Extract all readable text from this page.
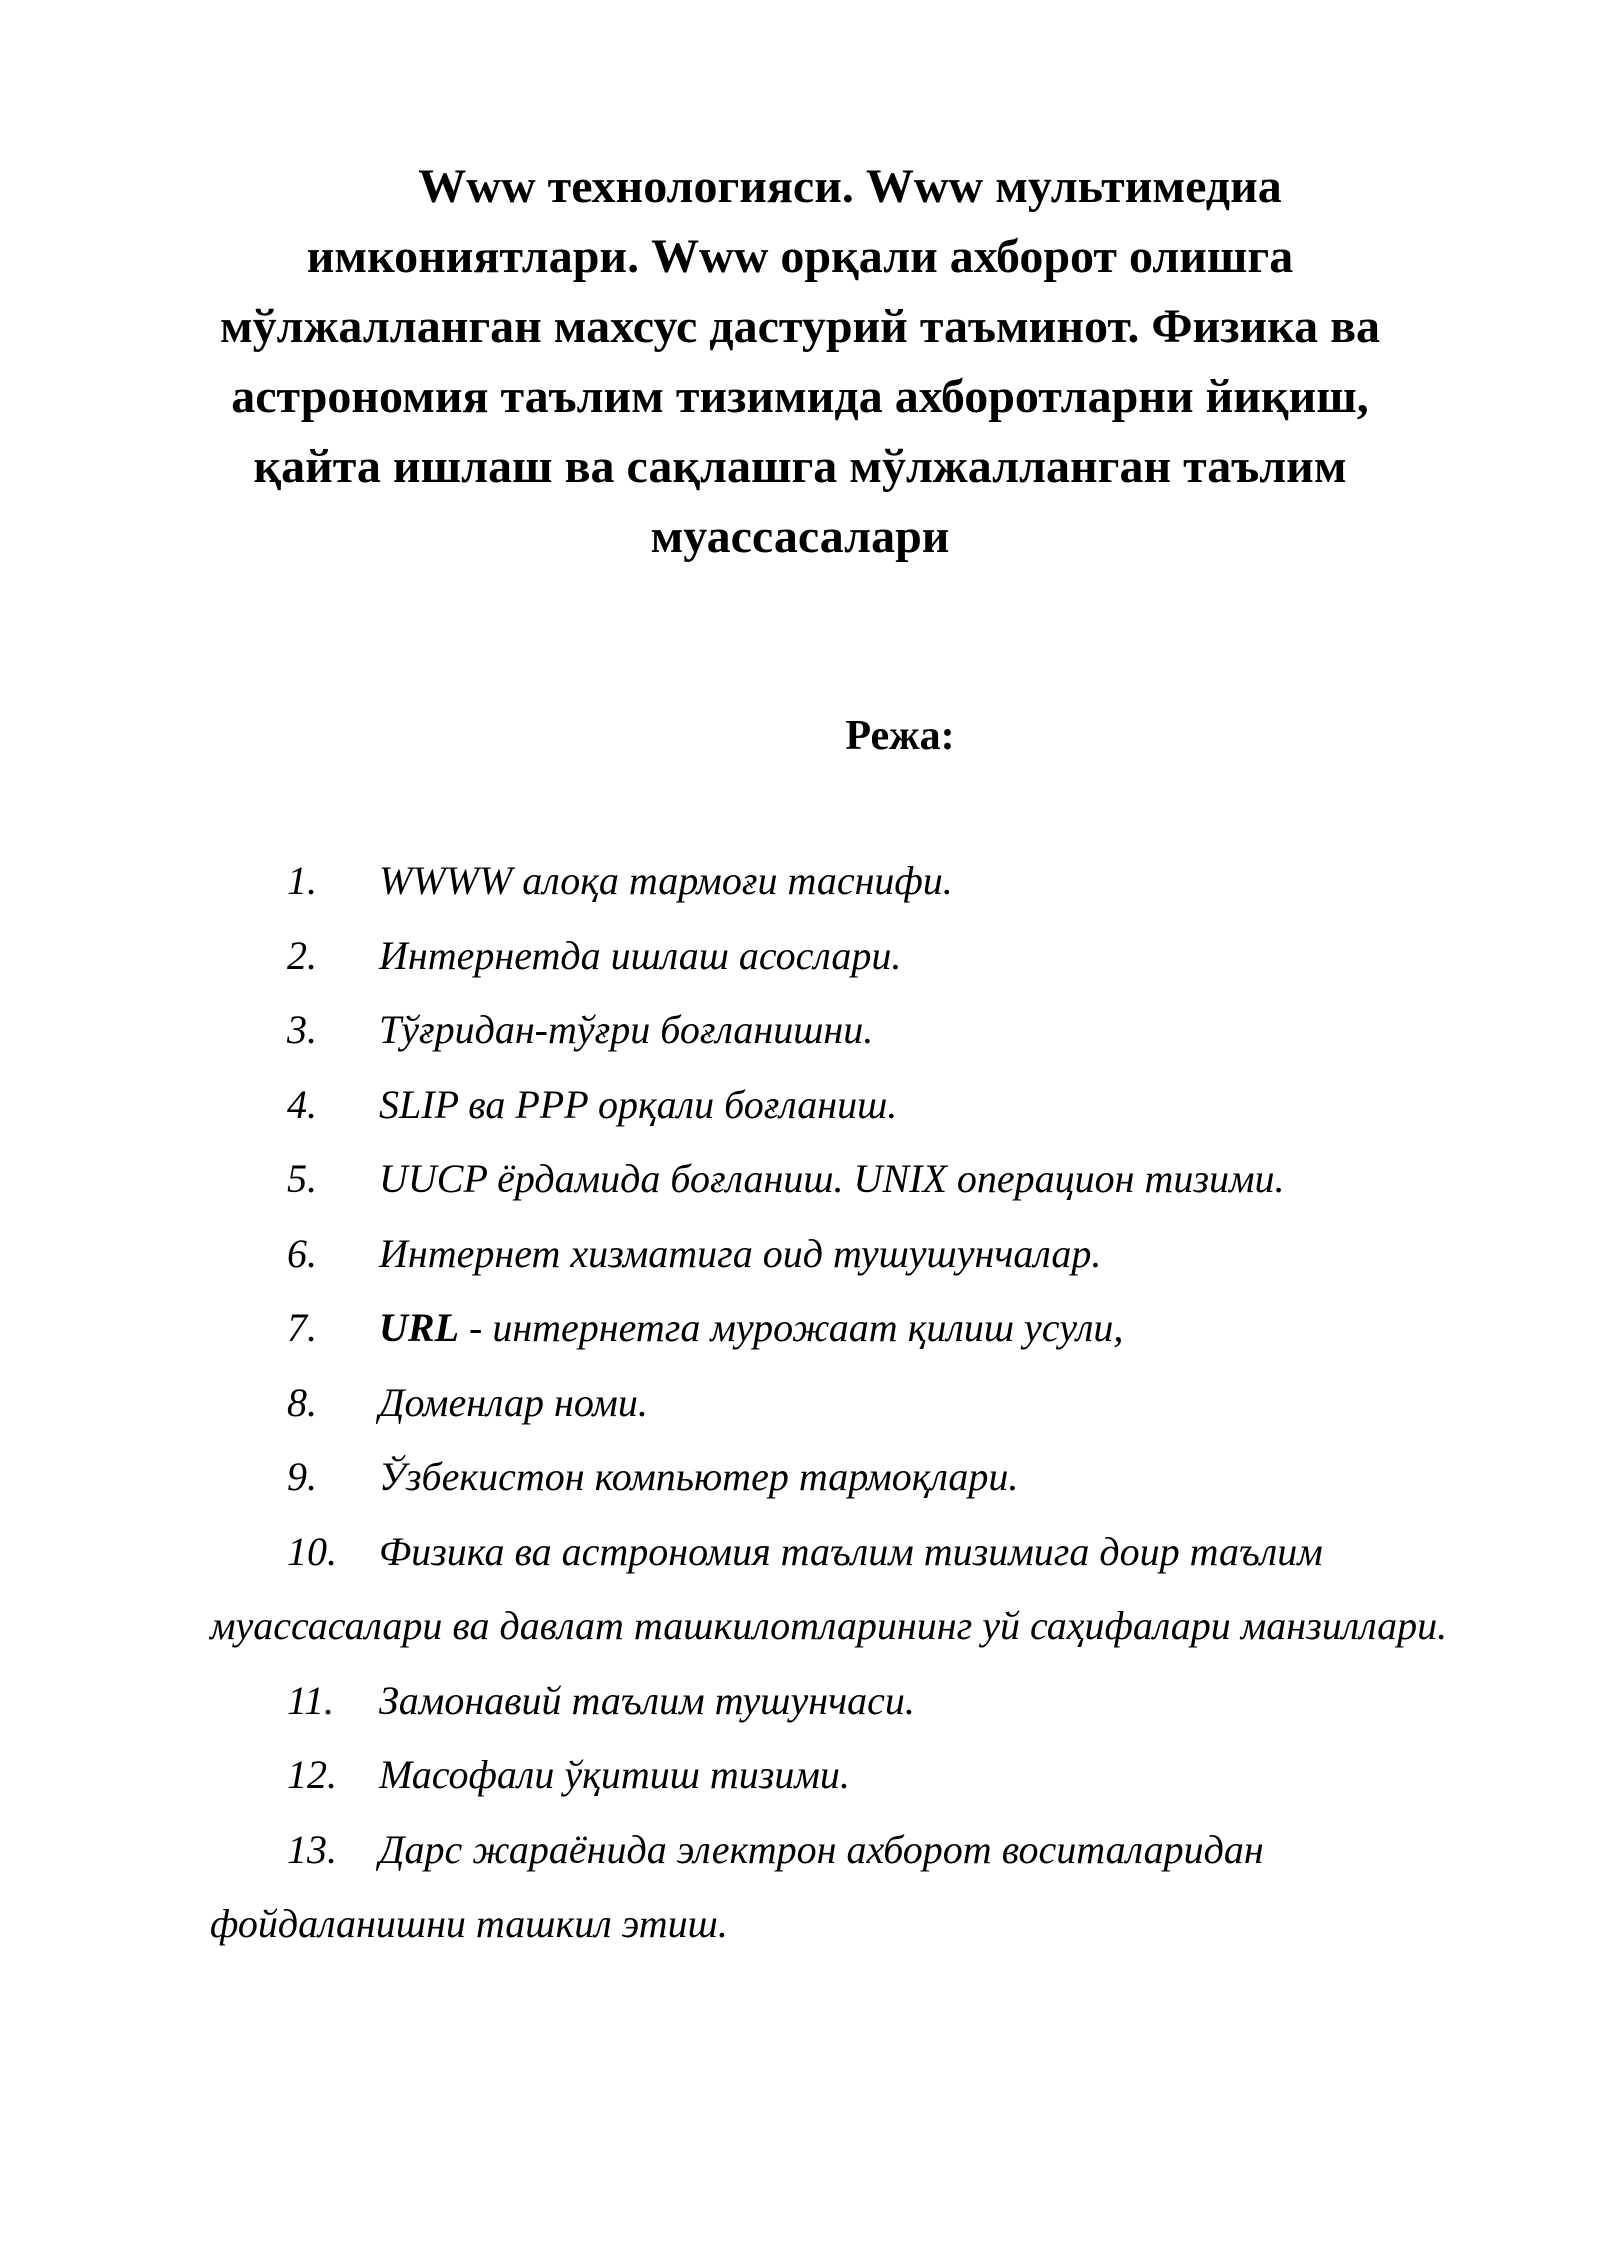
Www технологияси. Www мультимедиа имкониятлари. Www орқали ахборот олишга мўлжалланган махсус дастурий таъминот. Физика ва астрономия таълим тизимида ахборотларни йиқиш, қайта ишлаш ва сақлашга мўлжалланган таълим муассасалари
Режа:
1. WWWW алоқа тармоғи таснифи.
2. Интернетда ишлаш асослари.
3. Тўғридан-тўғри боғланишни.
4. SLIP ва PPP орқали боғланиш.
5. UUCP ёрдамида боғланиш. UNIX операцион тизими.
6. Интернет хизматига оид тушушунчалар.
7. URL - интернетга мурожаат қилиш усули,
8. Доменлар номи.
9. Ўзбекистон компьютер тармоқлари.
10. Физика ва астрономия таълим тизимига доир таълим муассасалари ва давлат ташкилотларининг уй саҳифалари манзиллари.
11. Замонавий таълим тушунчаси.
12. Масофали ўқитиш тизими.
13. Дарс жараёнида электрон ахборот воситаларидан фойдаланишни ташкил этиш.
